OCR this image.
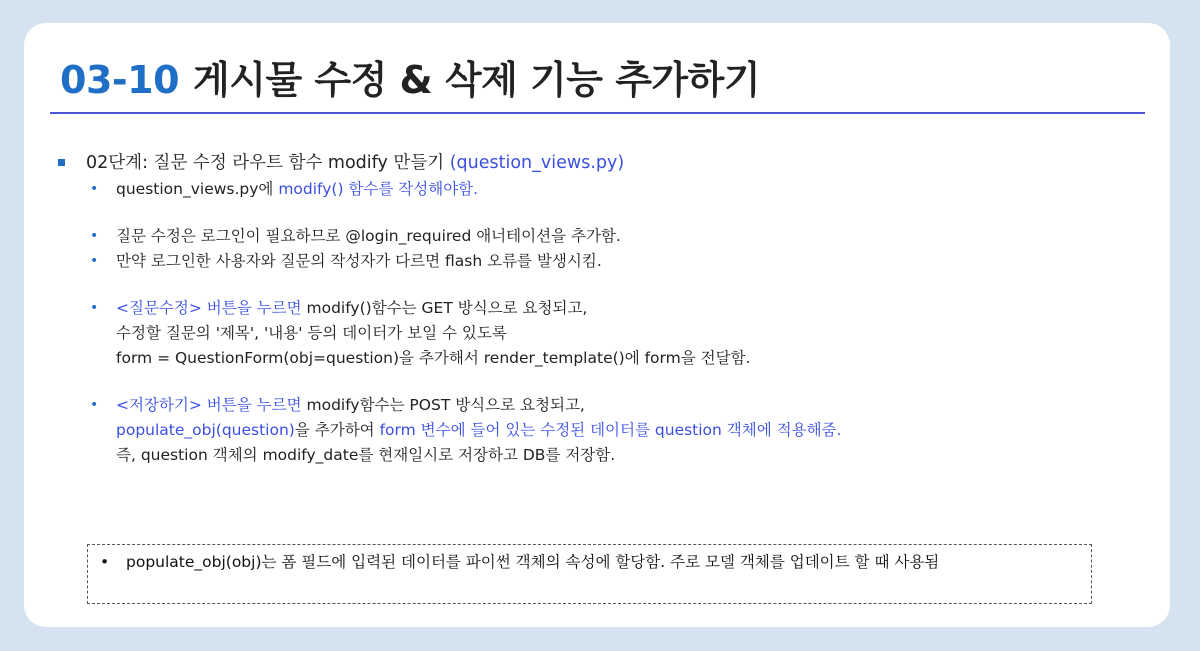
03-10 게시물 수정 & 삭제 기능 추가하기
02단계: 질문 수정 라우트 함수 modify 만들기 (question_views.py)
• question_views.py에 modify() 함수를 작성해야함.
• 질문 수정은 로그인이 필요하므로 @login_required 애너테이션을 추가함.
• 만약 로그인한 사용자와 질문의 작성자가 다르면 flash 오류를 발생시킴.
• <질문수정> 버튼을 누르면 modify()함수는 GET 방식으로 요청되고,
수정할 질문의 '제목', '내용' 등의 데이터가 보일 수 있도록
form = QuestionForm(obj=question)을 추가해서 render_template()에 form을 전달함.
• <저장하기> 버튼을 누르면 modify함수는 POST 방식으로 요청되고,
populate_obj(question)을 추가하여 form 변수에 들어 있는 수정된 데이터를 question 객체에 적용해줌.
즉, question 객체의 modify_date를 현재일시로 저장하고 DB를 저장함.
• populate_obj(obj)는 폼 필드에 입력된 데이터를 파이썬 객체의 속성에 할당함. 주로 모델 객체를 업데이트 할 때 사용됨
